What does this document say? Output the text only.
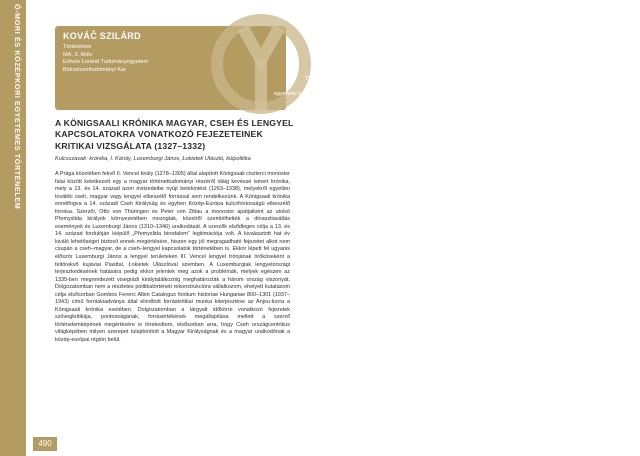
Ó-MORI ÉS KÖZÉPKORI EGYETEMES TÖRTÉNELEM	KOVÁČ SZILÁRD
Történelem
MA, 3. félév
Eötvös Loránd Tudományegyetem
Bölcsészettudományi Kar
Témavezető:
Bagi Dániel
egyetemi tanár, PTE BTK
A KÖNIGSAALI KRÓNIKA MAGYAR, CSEH ÉS LENGYEL KAPCSOLATOKRA VONATKOZÓ FEJEZETEINEK KRITIKAI VIZSGÁLATA (1327–1332)
Kulcsszavak: krónika, I. Károly, Luxemburgi János, Łokietek Ulászló, külpolitika

A Prága közelében fekvő II. Vencel király (1278–1305) által alapított Königsaali ciszterci monostor falai között keletkezett egy a magyar történettudományi részéről idáig kevéssé ismert krónika, mely a 13. és 14. század azon évtizedeibe nyújt betekintést (1263–1338), melyekről egyetlen további cseh, magyar vagy lengyel elbeszélő forrással sem rendelkezünk. A Königsaali krónika ennélfogva a 14. századi Cseh Királyság és egyben Közép-Európa kulcsfontosságú elbeszélő forrása. Szerzői, Otto von Thüringen és Peter von Zittau a monostor apátjaiként az utolsó Přemyslida királyok környezetében mozogtak, közelről szemlélhették a dinasztiaváltás eseményeit és Luxemburgi János (1310–1346) uralkodását. A szerzők elsődleges célja a 13. és 14. század fordulóján kiépülő „Přemyslida birodalom” legitimációja volt. A kivalasztott hat év kiváló lehetőséget biztosít ennek megértésére, hiszen egy jól megragadható fejezetet alkot nem csupán a cseh–magyar, de a cseh–lengyel kapcsolatok történetében is. Ekkor lépett fel ugyanis először Luxemburgi János a lengyel területeken III. Vencel lengyel trónjának örököseként a feltörekvő kujáviai Piasttal, Łokietek Ulászlóval szemben. A Luxemburgiak lengyelországi terjeszkedésének hatására pedig ekkor jelentek meg azok a problémák, melyek egészen az 1335-ben megrendezett visegrádi királytalálkozóig meghatározták a három ország viszonyát. Dolgozatomban nem a részletes politikatörténeti rekonstrukcióra vállalkozom, ehelyett kutatásom célja elsősorban Gombos Ferenc Albin Catalogus fontium historiae Hungariae 800–1301 (1937–1943) című forráskiadványa által elindított forráskritikai munka kiterjesztése az Anjou-korra a Königsaali krónika esetében. Dolgozatomban a tárgyalt időkörre vonatkozó fejezetek szövegkritikája, pontosságának, forrásértékének megállapítása mellett a szerző történelemképének megértésére is törekedtem, elsősorban arra, hogy Cseh országcentrikus világképében milyen szerepet tulajdonított a Magyar Királyságnak és a magyar uralkodónak a közép-európai régión belül.

490
